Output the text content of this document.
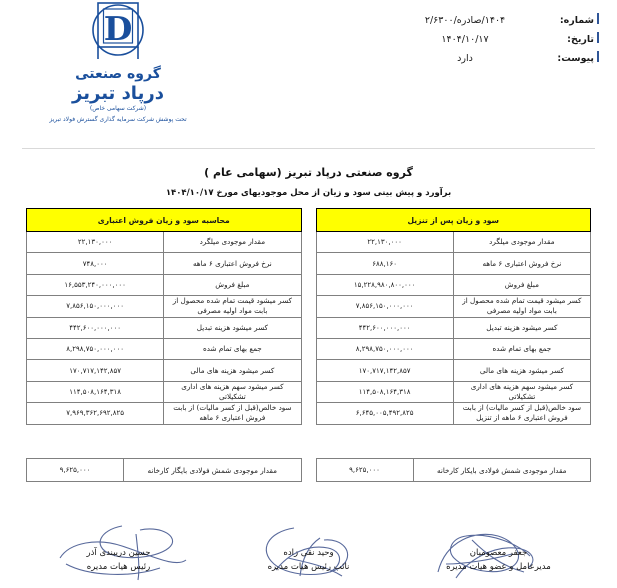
شماره:
۱۴۰۴/صادره/۲/۶۳۰۰
تاریخ:
۱۴۰۴/۱۰/۱۷
پیوست:
دارد
D
گروه صنعتی
درپاد تبریز
(شرکت سهامی خاص)
تحت پوشش شرکت سرمایه گذاری گسترش فولاد تبریز
گروه صنعتی درپاد تبریز (سهامی عام )
برآورد و پیش بینی سود و زیان از محل موجودیهای مورخ ۱۴۰۴/۱۰/۱۷
سود و زیان پس از تنزیل	
مقدار موجودی میلگرد	۲۲,۱۳۰,۰۰۰
نرخ فروش اعتباری ۶ ماهه	۶۸۸,۱۶۰
مبلغ فروش	۱۵,۲۲۸,۹۸۰,۸۰۰,۰۰۰
کسر میشود قیمت تمام شده محصول از بابت مواد اولیه مصرفی	۷,۸۵۶,۱۵۰,۰۰۰,۰۰۰
کسر میشود هزینه تبدیل	۴۴۲,۶۰۰,۰۰۰,۰۰۰
جمع بهای تمام شده	۸,۲۹۸,۷۵۰,۰۰۰,۰۰۰
کسر میشود هزینه های مالی	۱۷۰,۷۱۷,۱۴۲,۸۵۷
کسر میشود سهم هزینه های اداری تشکیلاتی	۱۱۴,۵۰۸,۱۶۴,۳۱۸
سود خالص(قبل از کسر مالیات) از بابت فروش اعتباری ۶ ماهه از تنزیل	۶,۶۴۵,۰۰۵,۴۹۲,۸۲۵
محاسبه سود و زیان فروش اعتباری	
مقدار موجودی میلگرد	۲۲,۱۳۰,۰۰۰
نرخ فروش اعتباری ۶ ماهه	۷۴۸,۰۰۰
مبلغ فروش	۱۶,۵۵۳,۲۴۰,۰۰۰,۰۰۰
کسر میشود قیمت تمام شده محصول از بابت مواد اولیه مصرفی	۷,۸۵۶,۱۵۰,۰۰۰,۰۰۰
کسر میشود هزینه تبدیل	۴۴۲,۶۰۰,۰۰۰,۰۰۰
جمع بهای تمام شده	۸,۲۹۸,۷۵۰,۰۰۰,۰۰۰
کسر میشود هزینه های مالی	۱۷۰,۷۱۷,۱۴۲,۸۵۷
کسر میشود سهم هزینه های اداری تشکیلاتی	۱۱۴,۵۰۸,۱۶۴,۳۱۸
سود خالص(قبل از کسر مالیات) از بابت فروش اعتباری ۶ ماهه	۷,۹۶۹,۳۶۲,۶۹۲,۸۲۵
مقدار موجودی شمش فولادی بایکار کارخانه	۹,۶۲۵,۰۰۰
مقدار موجودی شمش فولادی بایگار کارخانه	۹,۶۲۵,۰۰۰
جعفر معصومیان
مدیرعامل و عضو هیات مدیره
وحید نقی زاده
نائب رئیس هیات مدیره
حسین دریبندی آذر
رئیس هیات مدیره
